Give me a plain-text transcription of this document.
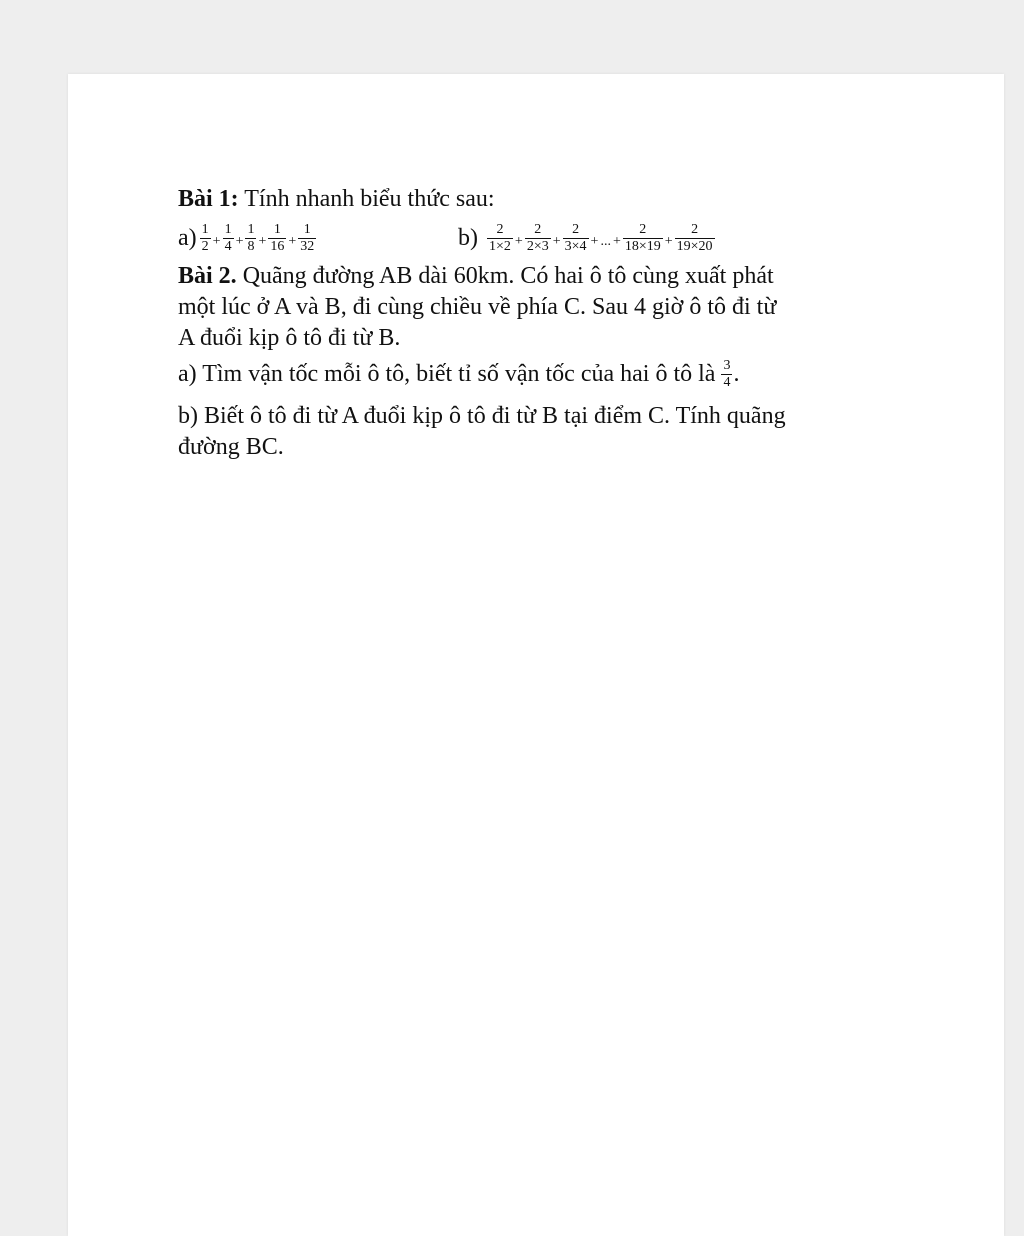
Bài 1: Tính nhanh biểu thức sau:
$a) \frac{1}{2} + \frac{1}{4} + \frac{1}{8} + \frac{1}{16} + \frac{1}{32}$	$b) \frac{2}{1\times 2} + \frac{2}{2\times 3} + \frac{2}{3\times 4}$ + ... + $\frac{2}{18\times 19} + \frac{2}{19\times 20}$
Bài 2. Quãng đường AB dài 60km. Có hai ô tô cùng xuất phát
một lúc ở A và B, đi cùng chiều về phía C. Sau 4 giờ ô tô đi từ
A đuổi kịp ô tô đi từ B.
a) Tìm vận tốc mỗi ô tô, biết tỉ số vận tốc của hai ô tô là $\frac{3}{4}$ .
b) Biết ô tô đi từ A đuổi kịp ô tô đi từ B tại điểm C. Tính quãng
đường BC.
